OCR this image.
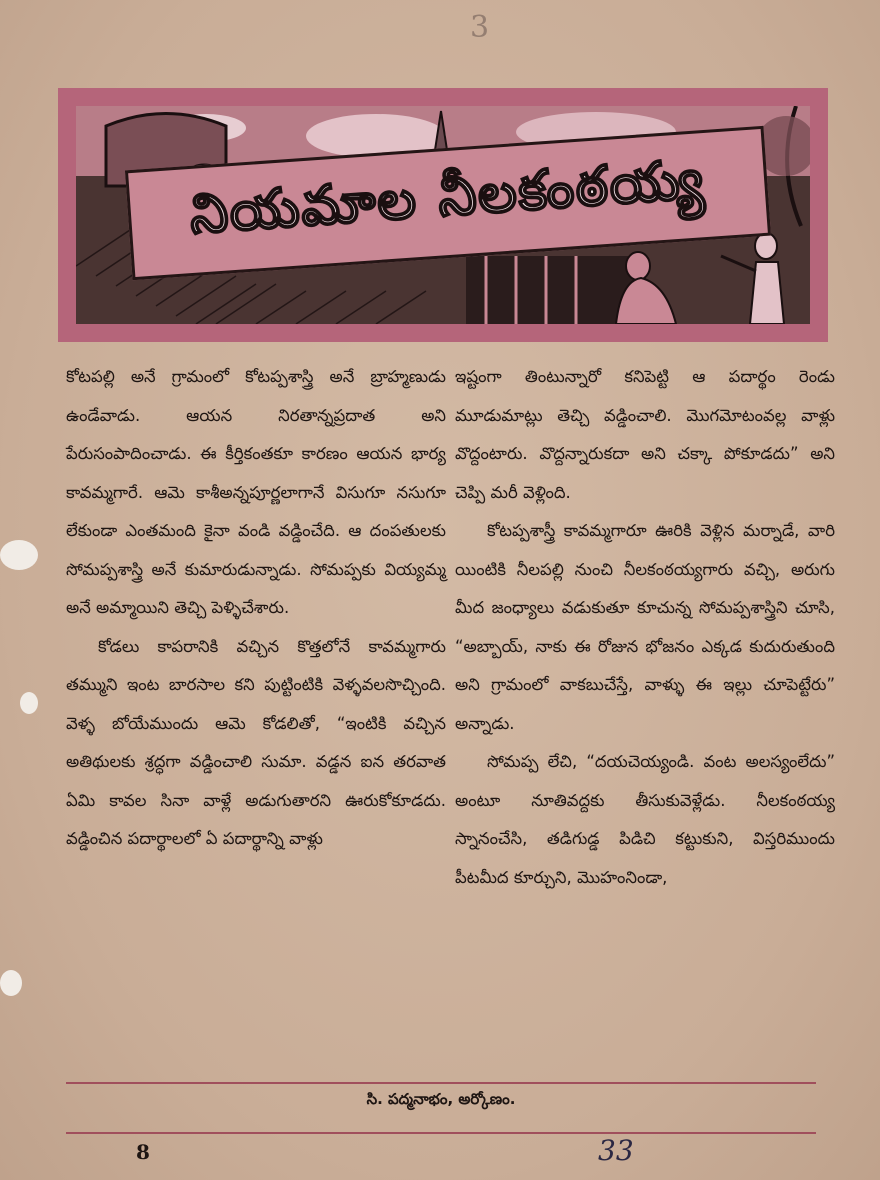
3
నియమాల నీలకంఠయ్య

కోటపల్లి అనే గ్రామంలో కోటప్పశాస్త్రి అనే బ్రాహ్మణుడు ఉండేవాడు. ఆయన నిరతాన్నప్రదాత అని పేరుసంపాదించాడు. ఈ కీర్తికంతకూ కారణం ఆయన భార్య కావమ్మగారే. ఆమె కాశీఅన్నపూర్ణలాగానే విసుగూ నసుగూ లేకుండా ఎంతమంది కైనా వండి వడ్డించేది. ఆ దంపతులకు సోమప్పశాస్త్రి అనే కుమారుడున్నాడు. సోమప్పకు వియ్యమ్మ అనే అమ్మాయిని తెచ్చి పెళ్ళిచేశారు.

కోడలు కాపరానికి వచ్చిన కొత్తలోనే కావమ్మగారు తమ్ముని ఇంట బారసాల కని పుట్టింటికి వెళ్ళవలసొచ్చింది. వెళ్ళ బోయేముందు ఆమె కోడలితో, “ఇంటికి వచ్చిన అతిథులకు శ్రద్ధగా వడ్డించాలి సుమా. వడ్డన ఐన తరవాత ఏమి కావల సినా వాళ్లే అడుగుతారని ఊరుకోకూడదు. వడ్డించిన పదార్థాలలో ఏ పదార్థాన్ని వాళ్లు

ఇష్టంగా తింటున్నారో కనిపెట్టి ఆ పదార్థం రెండు మూడుమాట్లు తెచ్చి వడ్డించాలి. మొగమోటంవల్ల వాళ్లు వొద్దంటారు. వొద్దన్నారుకదా అని చక్కా పోకూడదు” అని చెప్పి మరీ వెళ్లింది.

కోటప్పశాస్త్రీ కావమ్మగారూ ఊరికి వెళ్లిన మర్నాడే, వారి యింటికి నీలపల్లి నుంచి నీలకంఠయ్యగారు వచ్చి, అరుగు మీద జంధ్యాలు వడుకుతూ కూచున్న సోమప్పశాస్త్రిని చూసి, “అబ్బాయ్, నాకు ఈ రోజున భోజనం ఎక్కడ కుదురుతుంది అని గ్రామంలో వాకబుచేస్తే, వాళ్ళు ఈ ఇల్లు చూపెట్టేరు” అన్నాడు.

సోమప్ప లేచి, “దయచెయ్యండి. వంట అలస్యంలేదు” అంటూ నూతివద్దకు తీసుకువెళ్లేడు. నీలకంఠయ్య స్నానంచేసి, తడిగుడ్డ పిడిచి కట్టుకుని, విస్తరిముందు పీటమీద కూర్చుని, మొహంనిండా,

సి. పద్మనాభం, అర్కోణం.
8	33
